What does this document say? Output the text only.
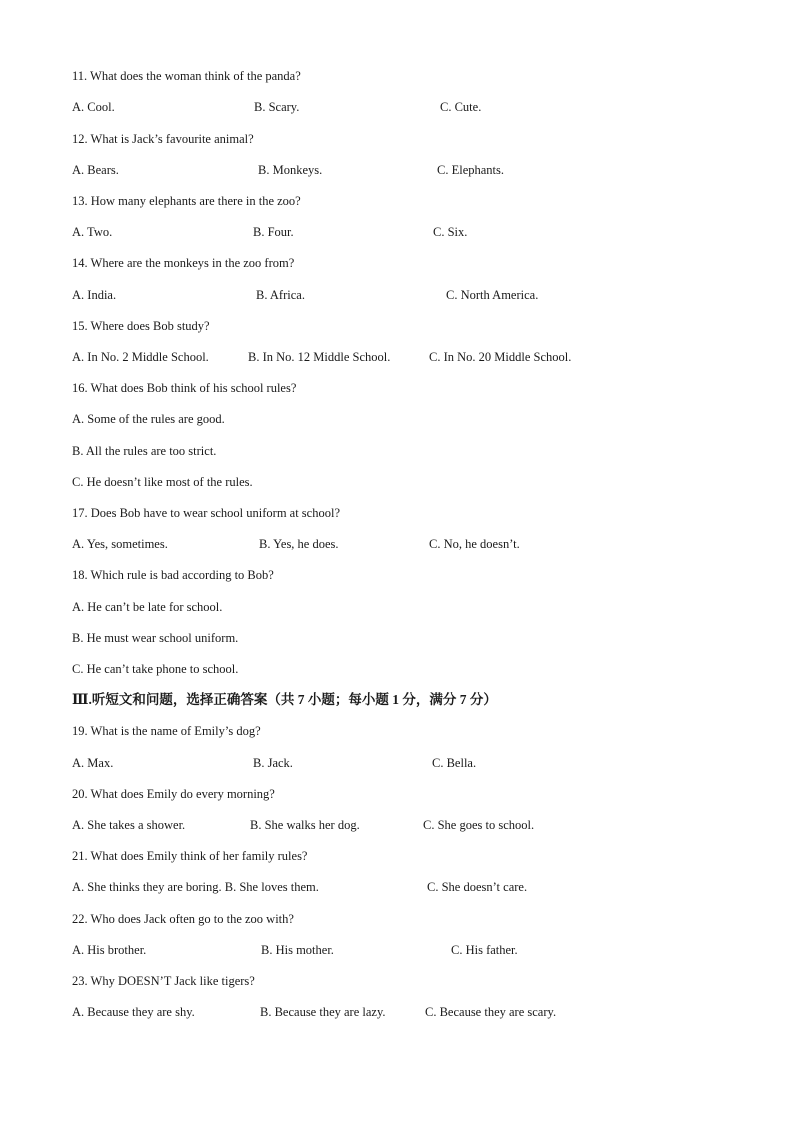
11. What does the woman think of the panda?
A. Cool.	B. Scary.	C. Cute.
12. What is Jack’s favourite animal?
A. Bears.	B. Monkeys.	C. Elephants.
13. How many elephants are there in the zoo?
A. Two.	B. Four.	C. Six.
14. Where are the monkeys in the zoo from?
A. India.	B. Africa.	C. North America.
15. Where does Bob study?
A. In No. 2 Middle School.	B. In No. 12 Middle School.	C. In No. 20 Middle School.
16. What does Bob think of his school rules?
A. Some of the rules are good.
B. All the rules are too strict.
C. He doesn’t like most of the rules.
17. Does Bob have to wear school uniform at school?
A. Yes, sometimes.	B. Yes, he does.	C. No, he doesn’t.
18. Which rule is bad according to Bob?
A. He can’t be late for school.
B. He must wear school uniform.
C. He can’t take phone to school.
Ⅲ.听短文和问题，选择正确答案（共 7 小题；每小题 1 分，满分 7 分）
19. What is the name of Emily’s dog?
A. Max.	B. Jack.	C. Bella.
20. What does Emily do every morning?
A. She takes a shower.	B. She walks her dog.	C. She goes to school.
21. What does Emily think of her family rules?
A. She thinks they are boring. B. She loves them.	C. She doesn’t care.
22. Who does Jack often go to the zoo with?
A. His brother.	B. His mother.	C. His father.
23. Why DOESN’T Jack like tigers?
A. Because they are shy.	B. Because they are lazy.	C. Because they are scary.
